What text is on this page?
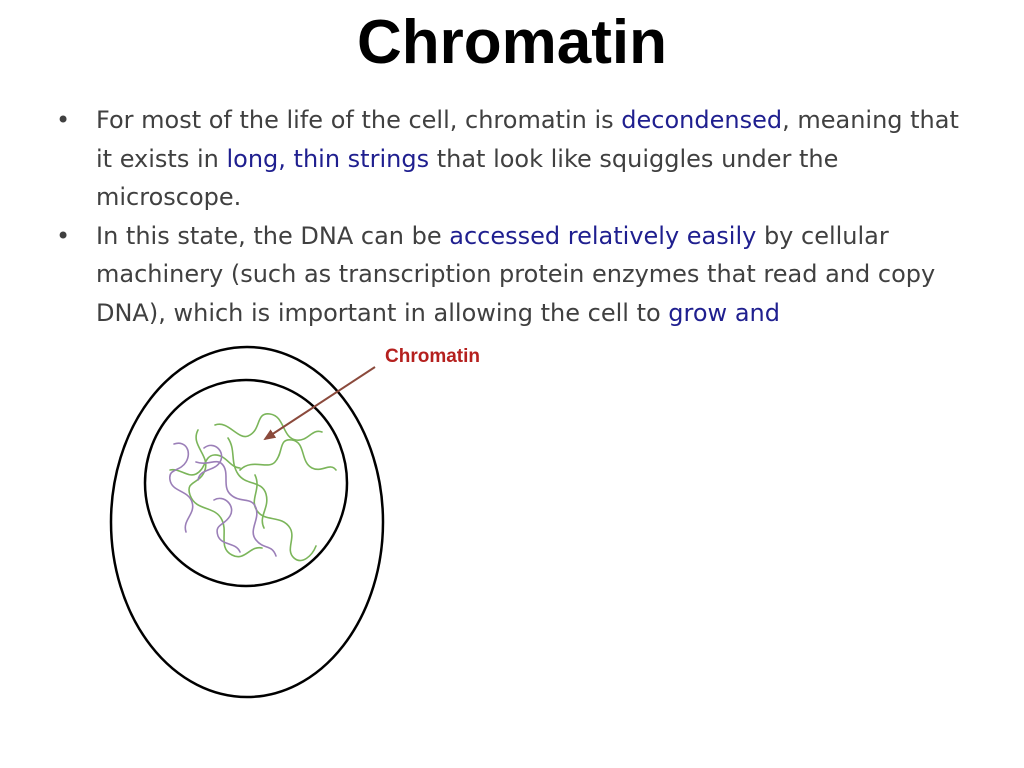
Chromatin
• For most of the life of the cell, chromatin is decondensed, meaning that it exists in long, thin strings that look like squiggles under the microscope.
• In this state, the DNA can be accessed relatively easily by cellular machinery (such as transcription protein enzymes that read and copy DNA), which is important in allowing the cell to grow and
Chromatin
